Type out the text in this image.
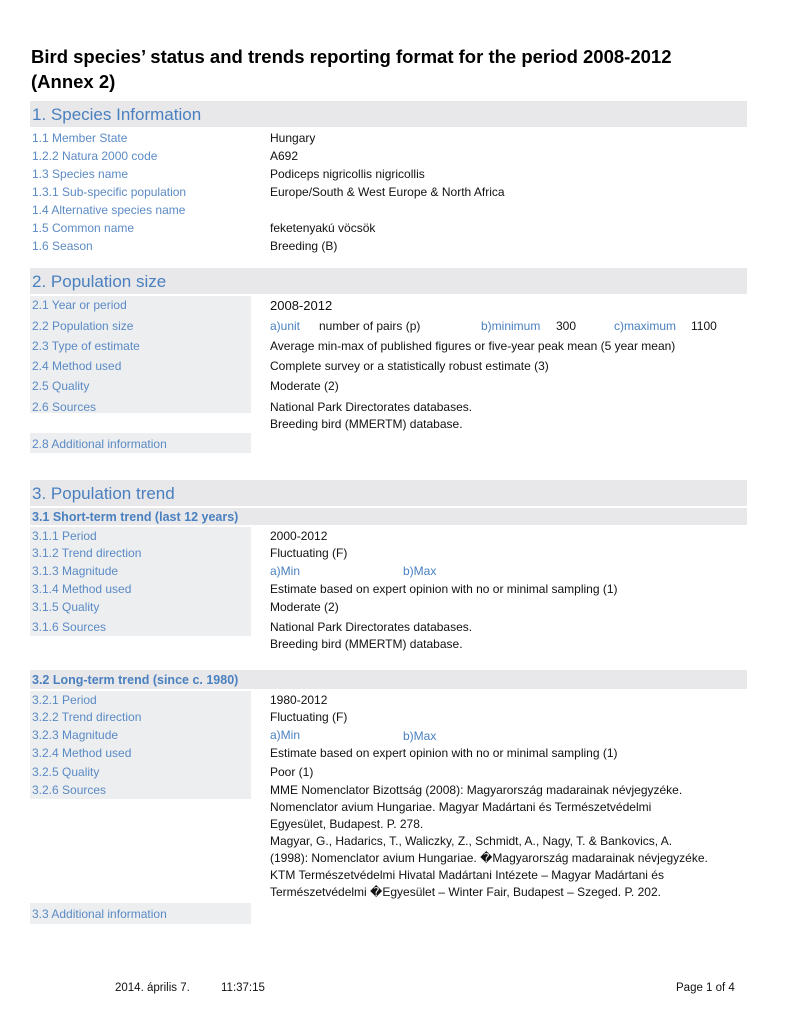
Bird species’ status and trends reporting format for the period 2008-2012
(Annex 2)
1. Species Information
1.1 Member State	Hungary
1.2.2 Natura 2000 code	A692
1.3 Species name	Podiceps nigricollis nigricollis
1.3.1 Sub-specific population	Europe/South & West Europe & North Africa
1.4 Alternative species name
1.5 Common name	feketenyakú vöcsök
1.6 Season	Breeding (B)
2. Population size
2.1 Year or period	2008-2012
2.2 Population size	a)unit number of pairs (p)	b)minimum 300	c)maximum 1100
2.3 Type of estimate	Average min-max of published figures or five-year peak mean (5 year mean)
2.4 Method used	Complete survey or a statistically robust estimate (3)
2.5 Quality	Moderate (2)
2.6 Sources	National Park Directorates databases.
Breeding bird (MMERTM) database.
2.8 Additional information
3. Population trend
3.1 Short-term trend (last 12 years)
3.1.1 Period	2000-2012
3.1.2 Trend direction	Fluctuating (F)
3.1.3 Magnitude	a)Min	b)Max
3.1.4 Method used	Estimate based on expert opinion with no or minimal sampling (1)
3.1.5 Quality	Moderate (2)
3.1.6 Sources	National Park Directorates databases.
Breeding bird (MMERTM) database.
3.2 Long-term trend (since c. 1980)
3.2.1 Period	1980-2012
3.2.2 Trend direction	Fluctuating (F)
3.2.3 Magnitude	a)Min	b)Max
3.2.4 Method used	Estimate based on expert opinion with no or minimal sampling (1)
3.2.5 Quality	Poor (1)
3.2.6 Sources	MME Nomenclator Bizottság (2008): Magyarország madarainak névjegyzéke.
Nomenclator avium Hungariae. Magyar Madártani és Természetvédelmi
Egyesület, Budapest. P. 278.
Magyar, G., Hadarics, T., Waliczky, Z., Schmidt, A., Nagy, T. & Bankovics, A.
(1998): Nomenclator avium Hungariae. �Magyarország madarainak névjegyzéke.
KTM Természetvédelmi Hivatal Madártani Intézete – Magyar Madártani és
Természetvédelmi �Egyesület – Winter Fair, Budapest – Szeged. P. 202.
3.3 Additional information
2014. április 7.	11:37:15	Page 1 of 4
